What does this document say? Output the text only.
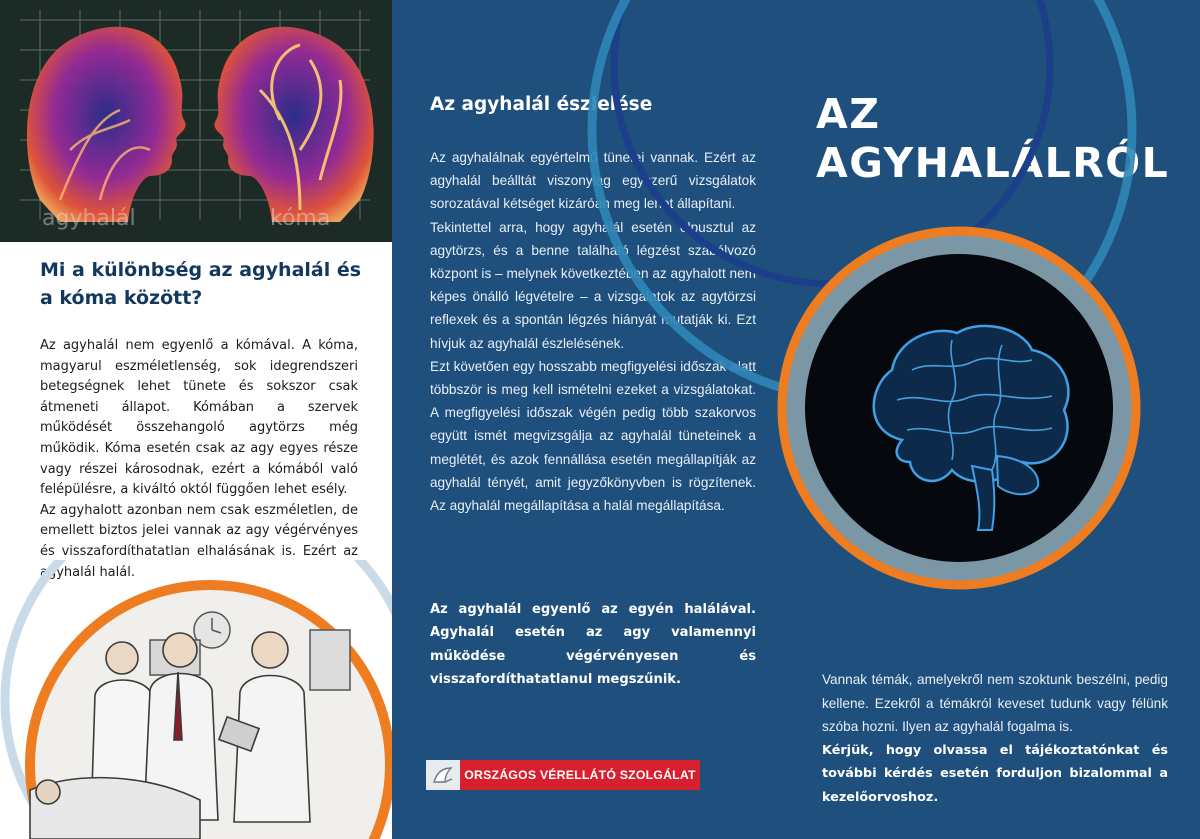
agyhalál	kóma
Mi a különbség az agyhalál és a kóma között?

Az agyhalál nem egyenlő a kómával. A kóma, magyarul eszméletlenség, sok idegrendszeri betegségnek lehet tünete és sokszor csak átmeneti állapot. Kómában a szervek működését összehangoló agytörzs még működik. Kóma esetén csak az agy egyes része vagy részei károsodnak, ezért a kómából való felépülésre, a kiváltó októl függően lehet esély.

Az agyhalott azonban nem csak eszméletlen, de emellett biztos jelei vannak az agy végérvényes és visszafordíthatatlan elhalásának is. Ezért az agyhalál halál.

Az agyhalál észlelése

Az agyhalálnak egyértelmű tünetei vannak. Ezért az agyhalál beálltát viszonylag egyszerű vizsgálatok sorozatával kétséget kizáróan meg lehet állapítani.

Tekintettel arra, hogy agyhalál esetén elpusztul az agytörzs, és a benne található légzést szabályozó központ is – melynek következtében az agyhalott nem képes önálló légvételre – a vizsgálatok az agytörzsi reflexek és a spontán légzés hiányát mutatják ki. Ezt hívjuk az agyhalál észlelésének.

Ezt követően egy hosszabb megfigyelési időszak alatt többször is meg kell ismételni ezeket a vizsgálatokat. A megfigyelési időszak végén pedig több szakorvos együtt ismét megvizsgálja az agyhalál tüneteinek a meglétét, és azok fennállása esetén megállapítják az agyhalál tényét, amit jegyzőkönyvben is rögzítenek. Az agyhalál megállapítása a halál megállapítása.

Az agyhalál egyenlő az egyén halálával. Agyhalál esetén az agy valamennyi működése végérvényesen és visszafordíthatatlanul megszűnik.
ORSZÁGOS VÉRELLÁTÓ SZOLGÁLAT
AZ
AGYHALÁLRÓL

Vannak témák, amelyekről nem szoktunk beszélni, pedig kellene. Ezekről a témákról keveset tudunk vagy félünk szóba hozni. Ilyen az agyhalál fogalma is.

Kérjük, hogy olvassa el tájékoztatónkat és további kérdés esetén forduljon bizalommal a kezelőorvoshoz.
